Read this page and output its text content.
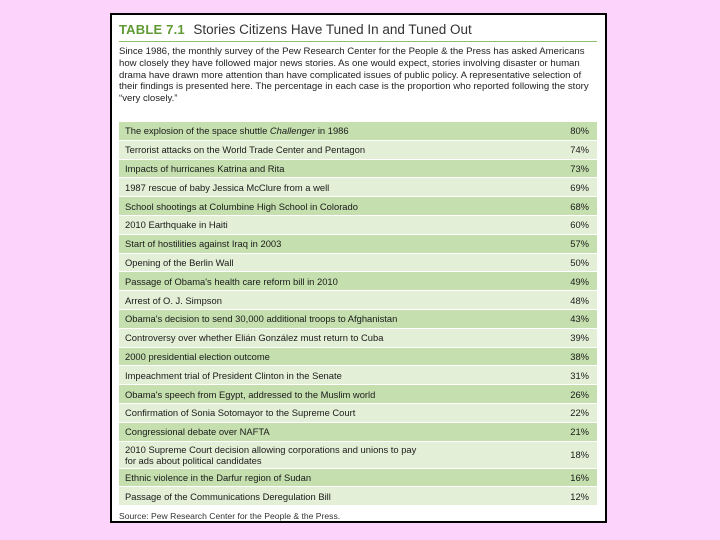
TABLE 7.1 Stories Citizens Have Tuned In and Tuned Out

Since 1986, the monthly survey of the Pew Research Center for the People & the Press has asked Americans how closely they have followed major news stories. As one would expect, stories involving disaster or human drama have drawn more attention than have complicated issues of public policy. A representative selection of their findings is presented here. The percentage in each case is the proportion who reported following the story “very closely.”

The explosion of the space shuttle Challenger in 1986	80%
Terrorist attacks on the World Trade Center and Pentagon	74%
Impacts of hurricanes Katrina and Rita	73%
1987 rescue of baby Jessica McClure from a well	69%
School shootings at Columbine High School in Colorado	68%
2010 Earthquake in Haiti	60%
Start of hostilities against Iraq in 2003	57%
Opening of the Berlin Wall	50%
Passage of Obama's health care reform bill in 2010	49%
Arrest of O. J. Simpson	48%
Obama's decision to send 30,000 additional troops to Afghanistan	43%
Controversy over whether Elián González must return to Cuba	39%
2000 presidential election outcome	38%
Impeachment trial of President Clinton in the Senate	31%
Obama's speech from Egypt, addressed to the Muslim world	26%
Confirmation of Sonia Sotomayor to the Supreme Court	22%
Congressional debate over NAFTA	21%
2010 Supreme Court decision allowing corporations and unions to pay
for ads about political candidates	18%
Ethnic violence in the Darfur region of Sudan	16%
Passage of the Communications Deregulation Bill	12%
Source: Pew Research Center for the People & the Press.
